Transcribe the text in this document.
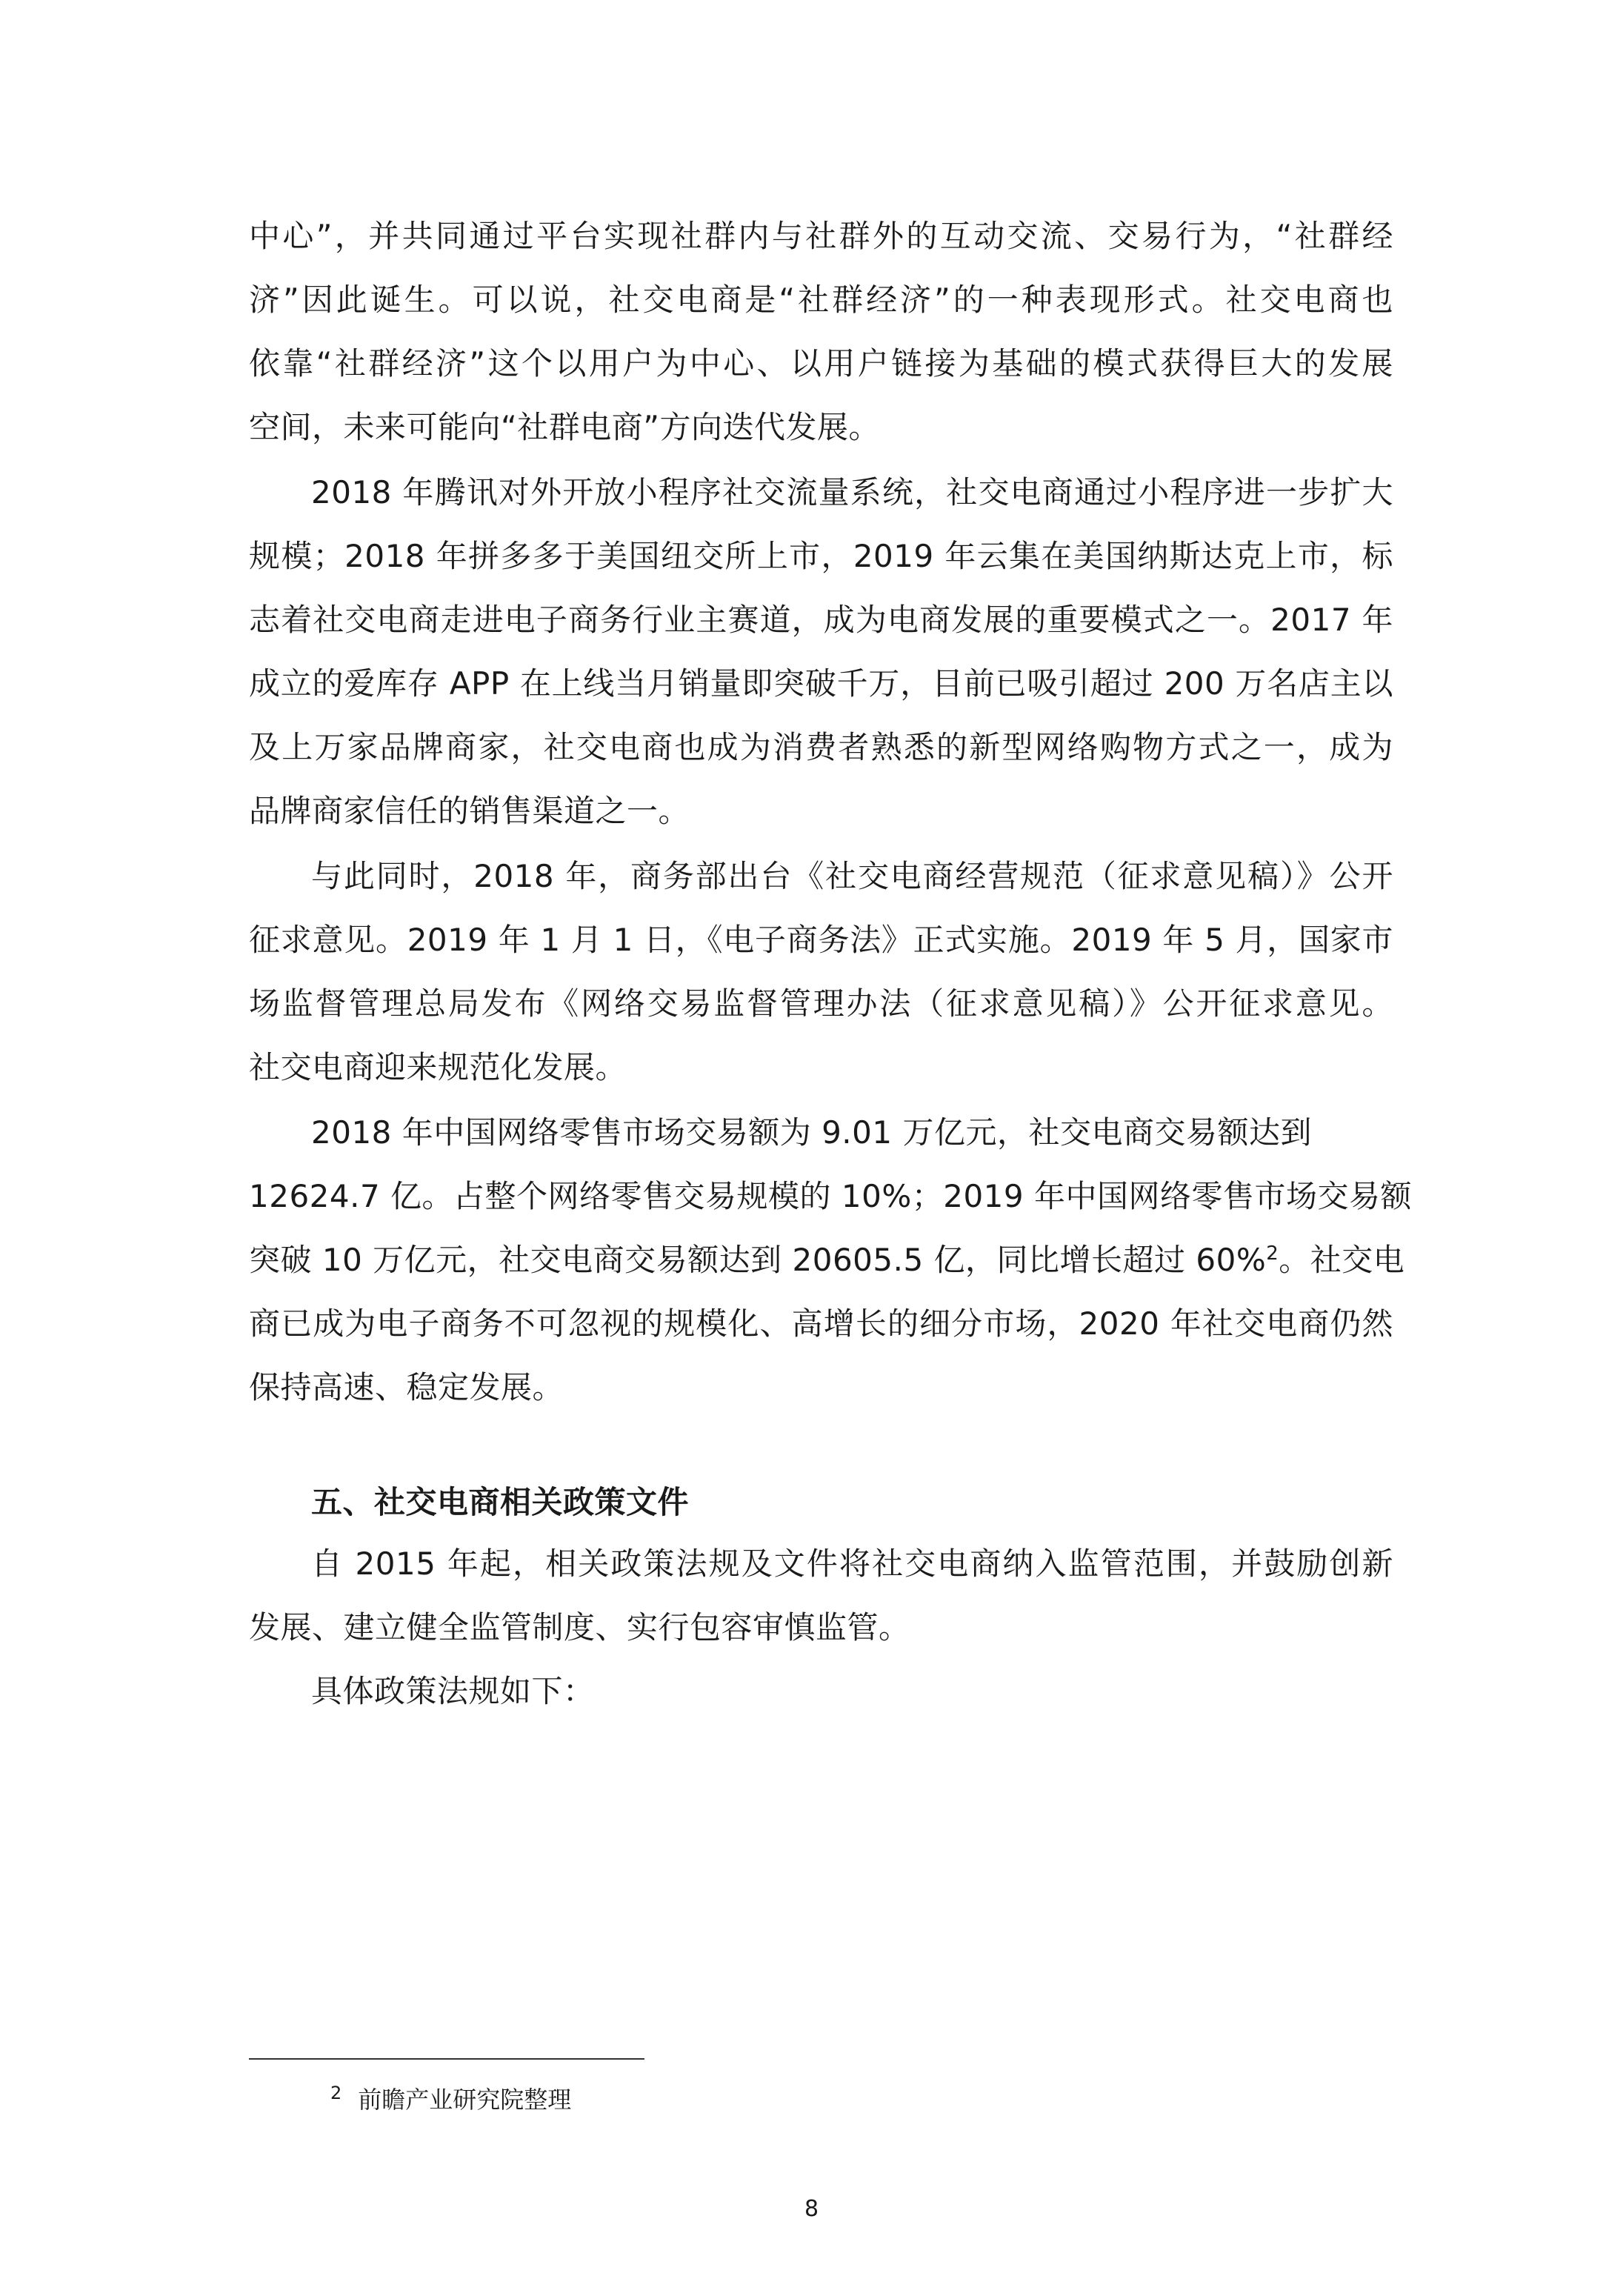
中心”，并共同通过平台实现社群内与社群外的互动交流、交易行为，“社群经
济”因此诞生。可以说，社交电商是“社群经济”的一种表现形式。社交电商也
依靠“社群经济”这个以用户为中心、以用户链接为基础的模式获得巨大的发展
空间，未来可能向“社群电商”方向迭代发展。
2018 年腾讯对外开放小程序社交流量系统，社交电商通过小程序进一步扩大
规模；2018 年拼多多于美国纽交所上市，2019 年云集在美国纳斯达克上市，标
志着社交电商走进电子商务行业主赛道，成为电商发展的重要模式之一。2017 年
成立的爱库存 APP 在上线当月销量即突破千万，目前已吸引超过 200 万名店主以
及上万家品牌商家，社交电商也成为消费者熟悉的新型网络购物方式之一，成为
品牌商家信任的销售渠道之一。
与此同时，2018 年，商务部出台《社交电商经营规范（征求意见稿）》公开
征求意见。2019 年 1 月 1 日，《电子商务法》正式实施。2019 年 5 月，国家市
场监督管理总局发布《网络交易监督管理办法（征求意见稿）》公开征求意见。
社交电商迎来规范化发展。
2018 年中国网络零售市场交易额为 9.01 万亿元，社交电商交易额达到
12624.7 亿。占整个网络零售交易规模的 10%；2019 年中国网络零售市场交易额
突破 10 万亿元，社交电商交易额达到 20605.5 亿，同比增长超过 60%$^2$。社交电
商已成为电子商务不可忽视的规模化、高增长的细分市场，2020 年社交电商仍然
保持高速、稳定发展。
五、社交电商相关政策文件
自 2015 年起，相关政策法规及文件将社交电商纳入监管范围，并鼓励创新
发展、建立健全监管制度、实行包容审慎监管。
具体政策法规如下：
$^2$ 前瞻产业研究院整理
8
